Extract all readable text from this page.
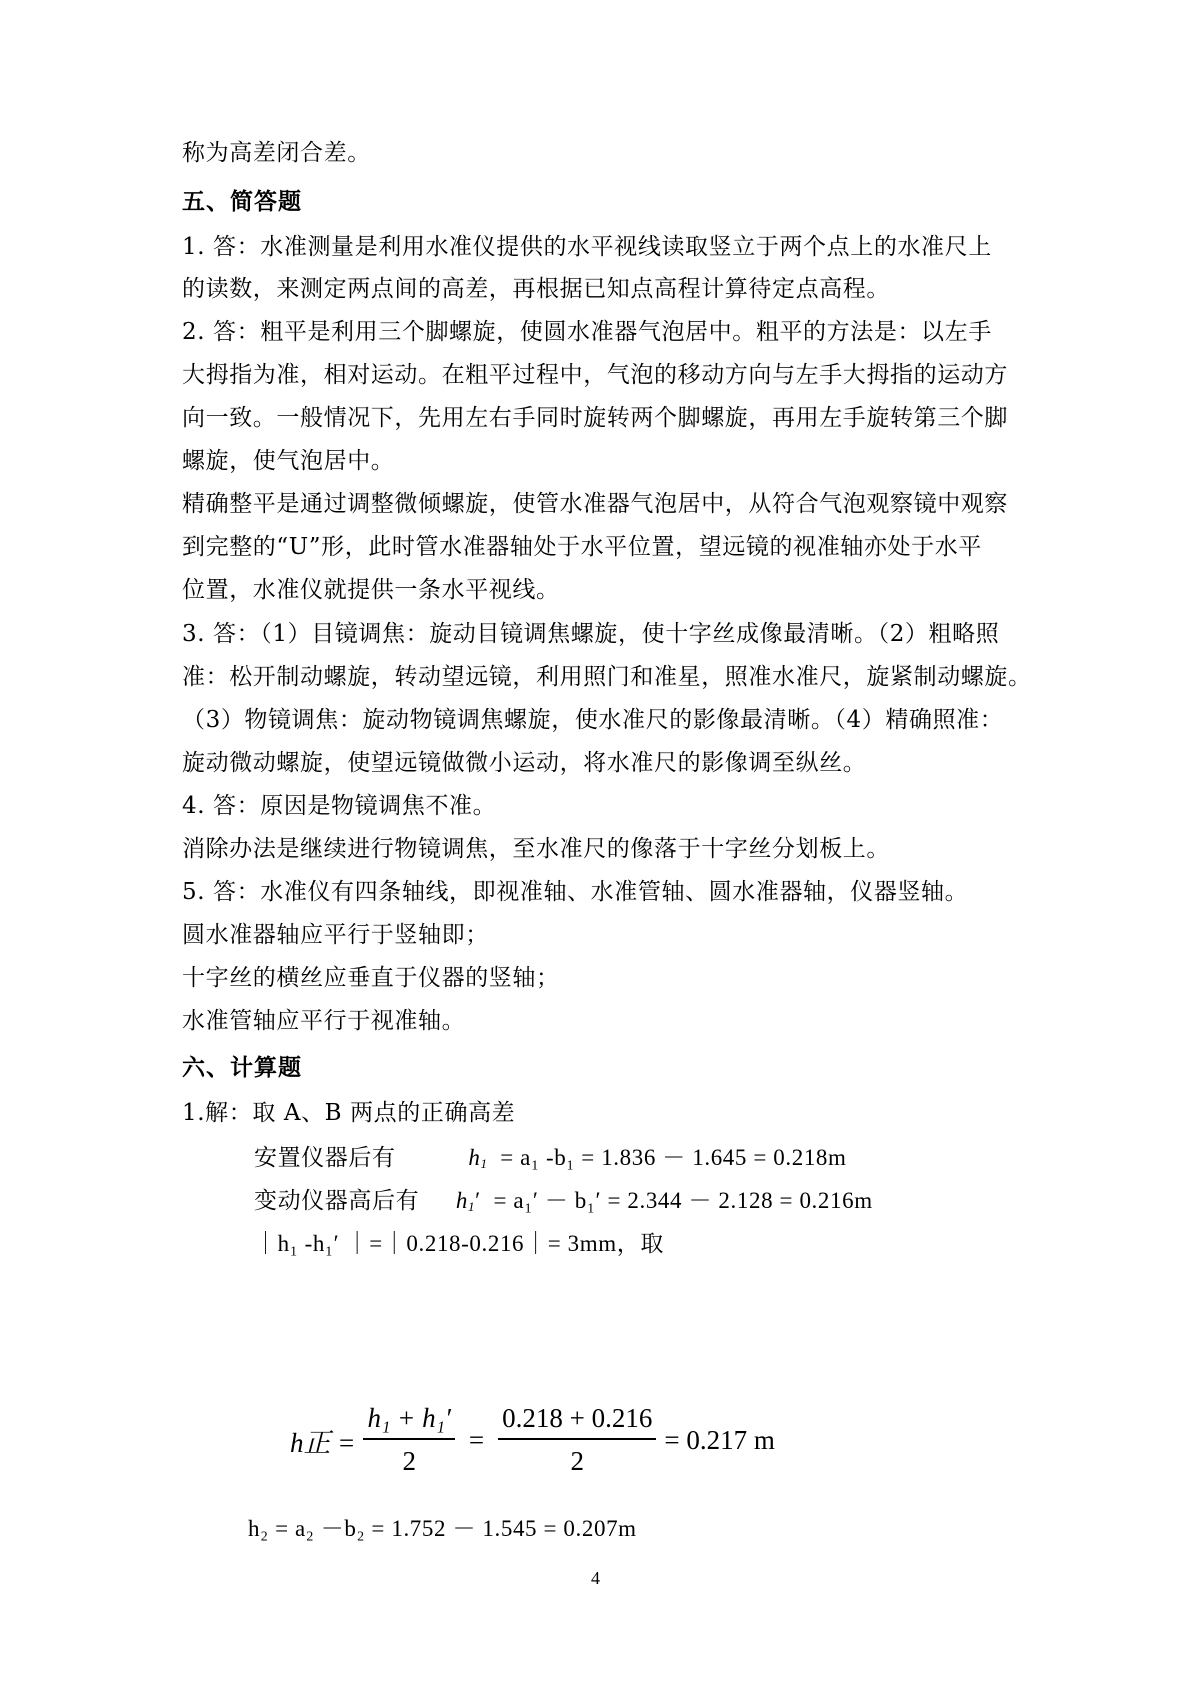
称为高差闭合差。
五、简答题
1. 答：水准测量是利用水准仪提供的水平视线读取竖立于两个点上的水准尺上
的读数，来测定两点间的高差，再根据已知点高程计算待定点高程。
2. 答：粗平是利用三个脚螺旋，使圆水准器气泡居中。粗平的方法是：以左手
大拇指为准，相对运动。在粗平过程中，气泡的移动方向与左手大拇指的运动方
向一致。一般情况下，先用左右手同时旋转两个脚螺旋，再用左手旋转第三个脚
螺旋，使气泡居中。
精确整平是通过调整微倾螺旋，使管水准器气泡居中，从符合气泡观察镜中观察
到完整的“U”形，此时管水准器轴处于水平位置，望远镜的视准轴亦处于水平
位置，水准仪就提供一条水平视线。
3. 答：（1）目镜调焦：旋动目镜调焦螺旋，使十字丝成像最清晰。（2）粗略照
准：松开制动螺旋，转动望远镜，利用照门和准星，照准水准尺，旋紧制动螺旋。
（3）物镜调焦：旋动物镜调焦螺旋，使水准尺的影像最清晰。（4）精确照准：
旋动微动螺旋，使望远镜做微小运动，将水准尺的影像调至纵丝。
4. 答：原因是物镜调焦不准。
消除办法是继续进行物镜调焦，至水准尺的像落于十字丝分划板上。
5. 答：水准仪有四条轴线，即视准轴、水准管轴、圆水准器轴，仪器竖轴。
圆水准器轴应平行于竖轴即；
十字丝的横丝应垂直于仪器的竖轴；
水准管轴应平行于视准轴。
六、计算题
1.解：取 A、B 两点的正确高差
安置仪器后有	$h_1 = a_1$ -b₁ = 1.836 － 1.645 = 0.218m
变动仪器高后有 $h_1' = a_1' - b_1' = 2.344 - 2.128 = 0.216m$
｜h₁ -h₁′ ｜=｜0.218-0.216｜= 3mm，取
h正 = $\frac{\text{h₁ + h₁′}}{2} = \frac{0.218 + 0.216}{2} = 0.217$ m
h₂ = a₂ －b₂ = 1.752 － 1.545 = 0.207m
4
